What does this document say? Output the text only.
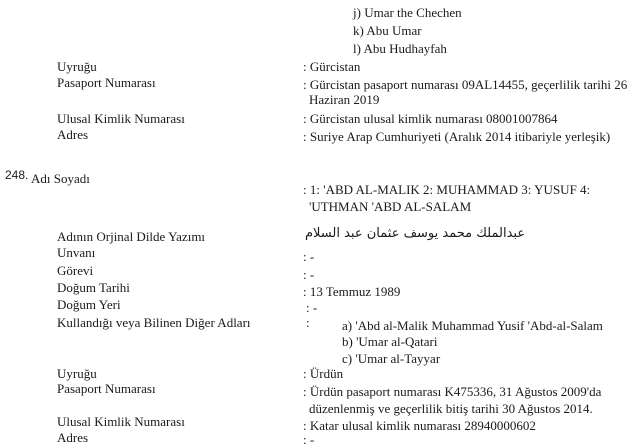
j) Umar the Chechen
k) Abu Umar
l) Abu Hudhayfah
Uyruğu	: Gürcistan
Pasaport Numarası	: Gürcistan pasaport numarası 09AL14455, geçerlilik tarihi 26
Haziran 2019
Ulusal Kimlik Numarası	: Gürcistan ulusal kimlik numarası 08001007864
Adres	: Suriye Arap Cumhuriyeti (Aralık 2014 itibariyle yerleşik)
248. Adı Soyadı
: 1: 'ABD AL-MALIK 2: MUHAMMAD 3: YUSUF 4:
'UTHMAN 'ABD AL-SALAM
Adının Orjinal Dilde Yazımı	عبدالملك محمد يوسف عثمان عبد السلام
Unvanı	: -
Görevi	: -
Doğum Tarihi	: 13 Temmuz 1989
Doğum Yeri	: -
Kullandığı veya Bilinen Diğer Adları	: a) 'Abd al-Malik Muhammad Yusif 'Abd-al-Salam
b) 'Umar al-Qatari
c) 'Umar al-Tayyar
Uyruğu	: Ürdün
Pasaport Numarası	: Ürdün pasaport numarası K475336, 31 Ağustos 2009'da
düzenlenmiş ve geçerlilik bitiş tarihi 30 Ağustos 2014.
Ulusal Kimlik Numarası	: Katar ulusal kimlik numarası 28940000602
Adres	: -
